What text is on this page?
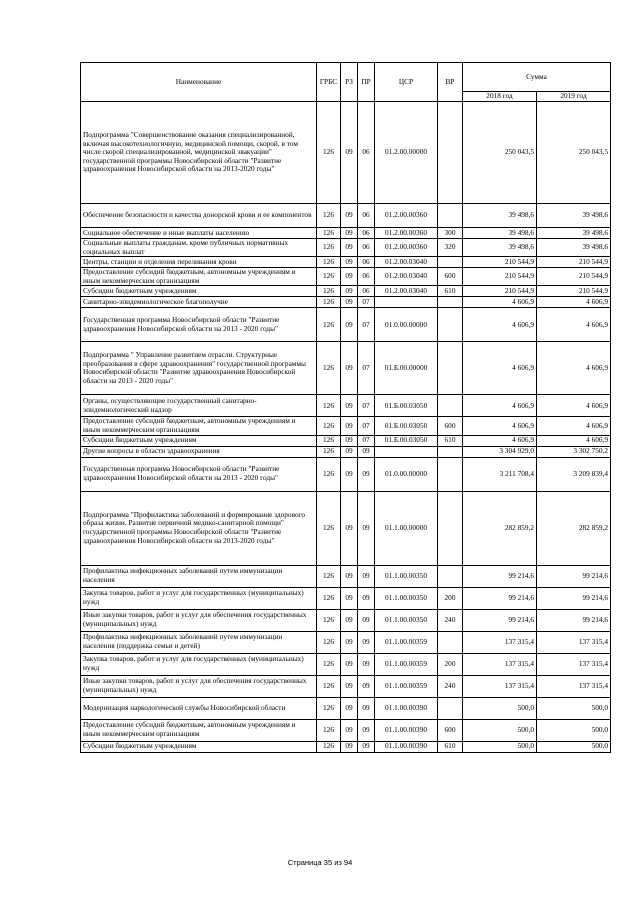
Наименование	ГРБС	РЗ	ПР	ЦСР	ВР	Сумма	
						2018 год	2019 год
Подпрограмма "Совершенствование оказания специализированной, включая высокотехнологичную, медицинской помощи, скорой, в том числе скорой специализированной, медицинской эвакуации" государственной программы Новосибирской области "Развитие здравоохранения Новосибирской области на 2013-2020 годы"	126	09	06	01.2.00.00000		250 043,5	250 043,5
Обеспечение безопасности и качества донорской крови и ее компонентов	126	09	06	01.2.00.00360		39 498,6	39 498,6
Социальное обеспечение и иные выплаты населению	126	09	06	01.2.00.00360	300	39 498,6	39 498,6
Социальные выплаты гражданам, кроме публичных нормативных социальных выплат	126	09	06	01.2.00.00360	320	39 498,6	39 498,6
Центры, станции и отделения переливания крови	126	09	06	01.2.00.03040		210 544,9	210 544,9
Предоставление субсидий бюджетным, автономным учреждениям и иным некоммерческим организациям	126	09	06	01.2.00.03040	600	210 544,9	210 544,9
Субсидии бюджетным учреждениям	126	09	06	01.2.00.03040	610	210 544,9	210 544,9
Санитарно-эпидемиологическое благополучие	126	09	07			4 606,9	4 606,9
Государственная программа Новосибирской области "Развитие здравоохранения Новосибирской области на 2013 - 2020 годы"	126	09	07	01.0.00.00000		4 606,9	4 606,9
Подпрограмма " Управление развитием отрасли. Структурные преобразования в сфере здравоохранения" государственной программы Новосибирской области "Развитие здравоохранения Новосибирской области на 2013 - 2020 годы"	126	09	07	01.Б.00.00000		4 606,9	4 606,9
Органы, осуществляющие государственный санитарно-эпидемиологический надзор	126	09	07	01.Б.00.03050		4 606,9	4 606,9
Предоставление субсидий бюджетным, автономным учреждениям и иным некоммерческим организациям	126	09	07	01.Б.00.03050	600	4 606,9	4 606,9
Субсидии бюджетным учреждениям	126	09	07	01.Б.00.03050	610	4 606,9	4 606,9
Другие вопросы в области здравоохранения	126	09	09			3 304 929,0	3 302 750,2
Государственная программа Новосибирской области "Развитие здравоохранения Новосибирской области на 2013 - 2020 годы"	126	09	09	01.0.00.00000		3 211 708,4	3 209 839,4
Подпрограмма "Профилактика заболеваний и формирование здорового образа жизни. Развитие первичной медико-санитарной помощи" государственной программы Новосибирской области "Развитие здравоохранения Новосибирской области на 2013-2020 годы"	126	09	09	01.1.00.00000		282 859,2	282 859,2
Профилактика инфекционных заболеваний путем иммунизации населения	126	09	09	01.1.00.00350		99 214,6	99 214,6
Закупка товаров, работ и услуг для государственных (муниципальных) нужд	126	09	09	01.1.00.00350	200	99 214,6	99 214,6
Иные закупки товаров, работ и услуг для обеспечения государственных (муниципальных) нужд	126	09	09	01.1.00.00350	240	99 214,6	99 214,6
Профилактика инфекционных заболеваний путем иммунизации населения (поддержка семьи и детей)	126	09	09	01.1.00.00359		137 315,4	137 315,4
Закупка товаров, работ и услуг для государственных (муниципальных) нужд	126	09	09	01.1.00.00359	200	137 315,4	137 315,4
Иные закупки товаров, работ и услуг для обеспечения государственных (муниципальных) нужд	126	09	09	01.1.00.00359	240	137 315,4	137 315,4
Модернизация наркологической службы Новосибирской области	126	09	09	01.1.00.00390		500,0	500,0
Предоставление субсидий бюджетным, автономным учреждениям и иным некоммерческим организациям	126	09	09	01.1.00.00390	600	500,0	500,0
Субсидии бюджетным учреждениям	126	09	09	01.1.00.00390	610	500,0	500,0
Страница 35 из 94
